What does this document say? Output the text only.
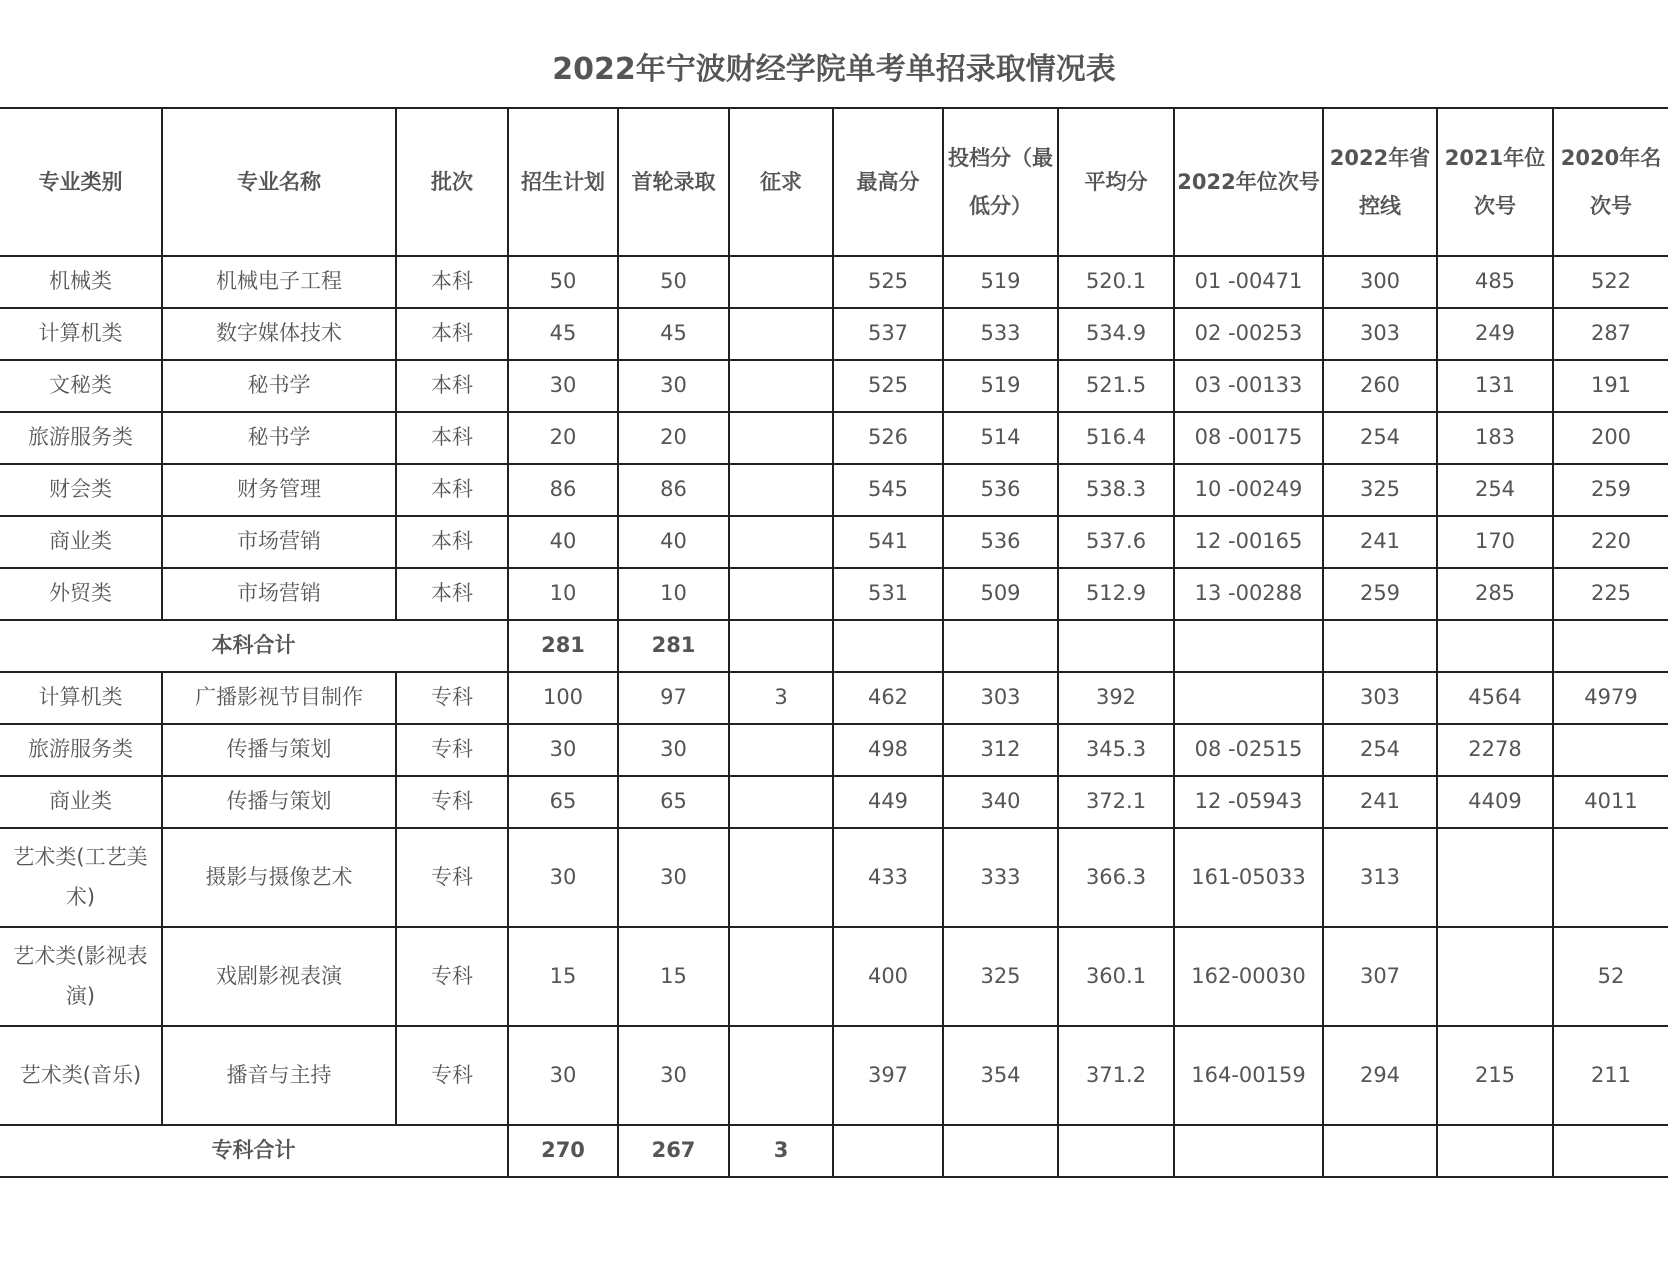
2022年宁波财经学院单考单招录取情况表
专业类别	专业名称	批次	招生计划	首轮录取	征求	最高分	投档分（最低分）	平均分	2022年位次号	2022年省控线	2021年位次号	2020年名次号
机械类	机械电子工程	本科	50	50		525	519	520.1	01 -00471	300	485	522
计算机类	数字媒体技术	本科	45	45		537	533	534.9	02 -00253	303	249	287
文秘类	秘书学	本科	30	30		525	519	521.5	03 -00133	260	131	191
旅游服务类	秘书学	本科	20	20		526	514	516.4	08 -00175	254	183	200
财会类	财务管理	本科	86	86		545	536	538.3	10 -00249	325	254	259
商业类	市场营销	本科	40	40		541	536	537.6	12 -00165	241	170	220
外贸类	市场营销	本科	10	10		531	509	512.9	13 -00288	259	285	225
本科合计			281	281								
计算机类	广播影视节目制作	专科	100	97	3	462	303	392		303	4564	4979
旅游服务类	传播与策划	专科	30	30		498	312	345.3	08 -02515	254	2278	
商业类	传播与策划	专科	65	65		449	340	372.1	12 -05943	241	4409	4011
艺术类(工艺美术)	摄影与摄像艺术	专科	30	30		433	333	366.3	161-05033	313		
艺术类(影视表演)	戏剧影视表演	专科	15	15		400	325	360.1	162-00030	307		52
艺术类(音乐)	播音与主持	专科	30	30		397	354	371.2	164-00159	294	215	211
专科合计			270	267	3							
